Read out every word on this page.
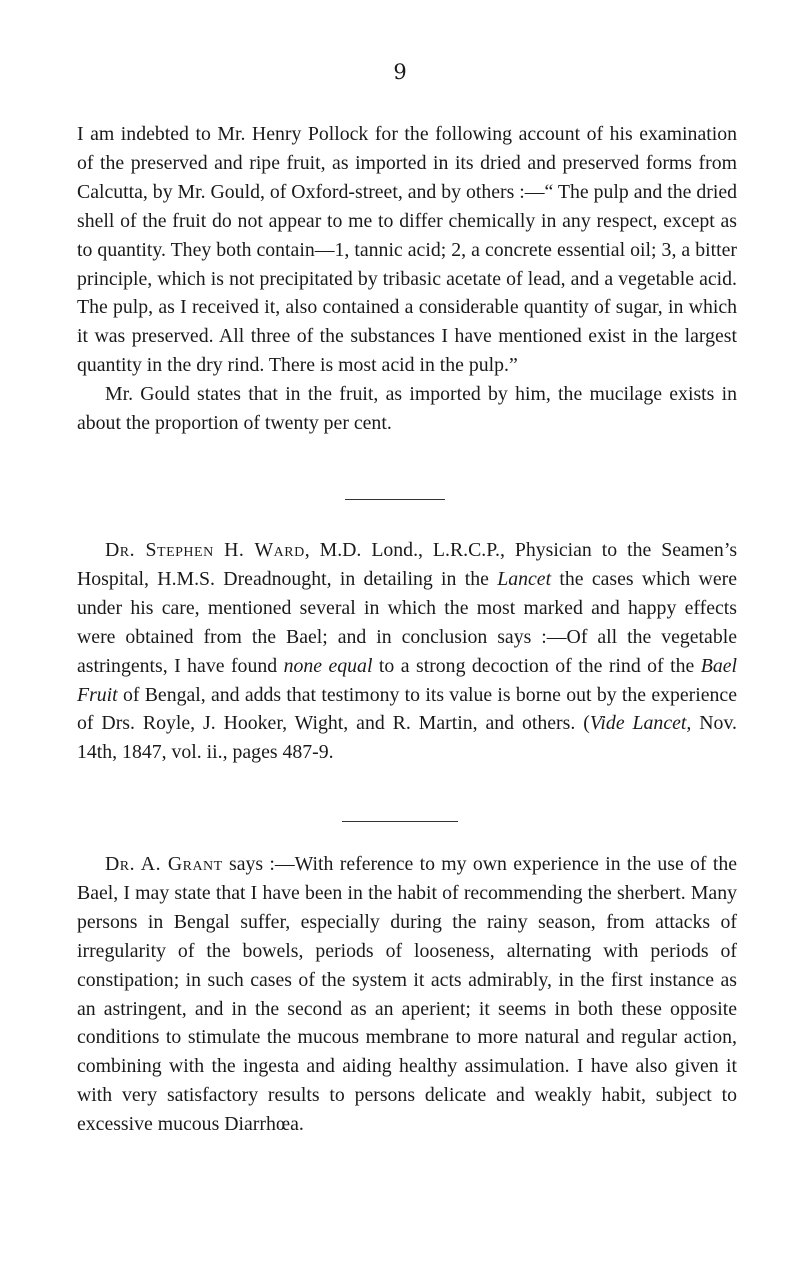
9

I am indebted to Mr. Henry Pollock for the following account of his examination of the preserved and ripe fruit, as imported in its dried and preserved forms from Calcutta, by Mr. Gould, of Oxford-street, and by others :—“ The pulp and the dried shell of the fruit do not appear to me to differ chemically in any respect, except as to quantity. They both contain—1, tannic acid; 2, a concrete essential oil; 3, a bitter principle, which is not precipitated by tribasic acetate of lead, and a vegetable acid. The pulp, as I received it, also contained a considerable quantity of sugar, in which it was preserved. All three of the substances I have mentioned exist in the largest quantity in the dry rind. There is most acid in the pulp.”

Mr. Gould states that in the fruit, as imported by him, the mucilage exists in about the proportion of twenty per cent.

Dr. Stephen H. Ward, M.D. Lond., L.R.C.P., Physician to the Seamen’s Hospital, H.M.S. Dreadnought, in detailing in the Lancet the cases which were under his care, mentioned several in which the most marked and happy effects were obtained from the Bael; and in conclusion says :—Of all the vegetable astringents, I have found none equal to a strong decoction of the rind of the Bael Fruit of Bengal, and adds that testimony to its value is borne out by the experience of Drs. Royle, J. Hooker, Wight, and R. Martin, and others. (Vide Lancet, Nov. 14th, 1847, vol. ii., pages 487-9.

Dr. A. Grant says :—With reference to my own experience in the use of the Bael, I may state that I have been in the habit of recommending the sherbert. Many persons in Bengal suffer, especially during the rainy season, from attacks of irregularity of the bowels, periods of looseness, alternating with periods of constipation; in such cases of the system it acts admirably, in the first instance as an astringent, and in the second as an aperient; it seems in both these opposite conditions to stimulate the mucous membrane to more natural and regular action, combining with the ingesta and aiding healthy assimulation. I have also given it with very satisfactory results to persons delicate and weakly habit, subject to excessive mucous Diarrhœa.
